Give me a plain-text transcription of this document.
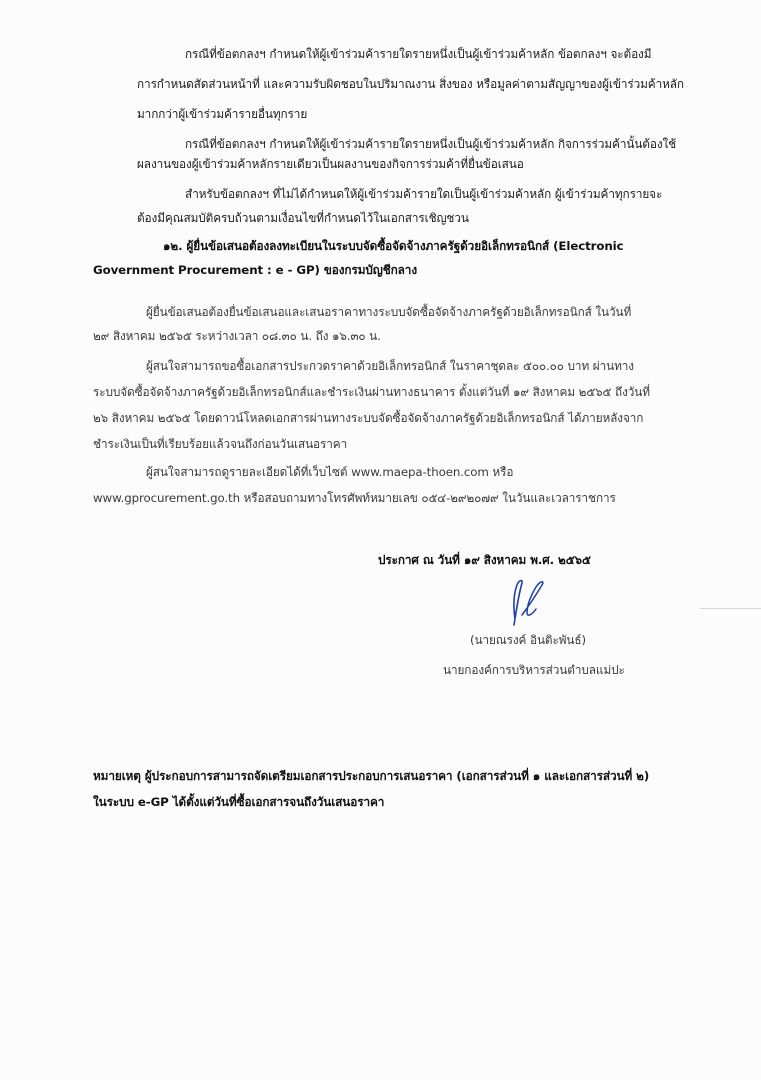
กรณีที่ข้อตกลงฯ กำหนดให้ผู้เข้าร่วมค้ารายใดรายหนึ่งเป็นผู้เข้าร่วมค้าหลัก ข้อตกลงฯ จะต้องมี
การกำหนดสัดส่วนหน้าที่ และความรับผิดชอบในปริมาณงาน สิ่งของ หรือมูลค่าตามสัญญาของผู้เข้าร่วมค้าหลัก
มากกว่าผู้เข้าร่วมค้ารายอื่นทุกราย
กรณีที่ข้อตกลงฯ กำหนดให้ผู้เข้าร่วมค้ารายใดรายหนึ่งเป็นผู้เข้าร่วมค้าหลัก กิจการร่วมค้านั้นต้องใช้
ผลงานของผู้เข้าร่วมค้าหลักรายเดียวเป็นผลงานของกิจการร่วมค้าที่ยื่นข้อเสนอ
สำหรับข้อตกลงฯ ที่ไม่ได้กำหนดให้ผู้เข้าร่วมค้ารายใดเป็นผู้เข้าร่วมค้าหลัก ผู้เข้าร่วมค้าทุกรายจะ
ต้องมีคุณสมบัติครบถ้วนตามเงื่อนไขที่กำหนดไว้ในเอกสารเชิญชวน
๑๒. ผู้ยื่นข้อเสนอต้องลงทะเบียนในระบบจัดซื้อจัดจ้างภาครัฐด้วยอิเล็กทรอนิกส์ (Electronic
Government Procurement : e - GP) ของกรมบัญชีกลาง
ผู้ยื่นข้อเสนอต้องยื่นข้อเสนอและเสนอราคาทางระบบจัดซื้อจัดจ้างภาครัฐด้วยอิเล็กทรอนิกส์ ในวันที่
๒๙ สิงหาคม ๒๕๖๕ ระหว่างเวลา ๐๘.๓๐ น. ถึง ๑๖.๓๐ น.
ผู้สนใจสามารถขอซื้อเอกสารประกวดราคาด้วยอิเล็กทรอนิกส์ ในราคาชุดละ ๕๐๐.๐๐ บาท ผ่านทาง
ระบบจัดซื้อจัดจ้างภาครัฐด้วยอิเล็กทรอนิกส์และชำระเงินผ่านทางธนาคาร ตั้งแต่วันที่ ๑๙ สิงหาคม ๒๕๖๕ ถึงวันที่
๒๖ สิงหาคม ๒๕๖๕ โดยดาวน์โหลดเอกสารผ่านทางระบบจัดซื้อจัดจ้างภาครัฐด้วยอิเล็กทรอนิกส์ ได้ภายหลังจาก
ชำระเงินเป็นที่เรียบร้อยแล้วจนถึงก่อนวันเสนอราคา
ผู้สนใจสามารถดูรายละเอียดได้ที่เว็บไซต์ www.maepa-thoen.com หรือ
www.gprocurement.go.th หรือสอบถามทางโทรศัพท์หมายเลข ๐๕๔-๒๙๒๐๗๙ ในวันและเวลาราชการ
ประกาศ ณ วันที่ ๑๙ สิงหาคม พ.ศ. ๒๕๖๕
(นายณรงค์ อินติะพันธ์)
นายกองค์การบริหารส่วนตำบลแม่ปะ
หมายเหตุ ผู้ประกอบการสามารถจัดเตรียมเอกสารประกอบการเสนอราคา (เอกสารส่วนที่ ๑ และเอกสารส่วนที่ ๒)
ในระบบ e-GP ได้ตั้งแต่วันที่ซื้อเอกสารจนถึงวันเสนอราคา
